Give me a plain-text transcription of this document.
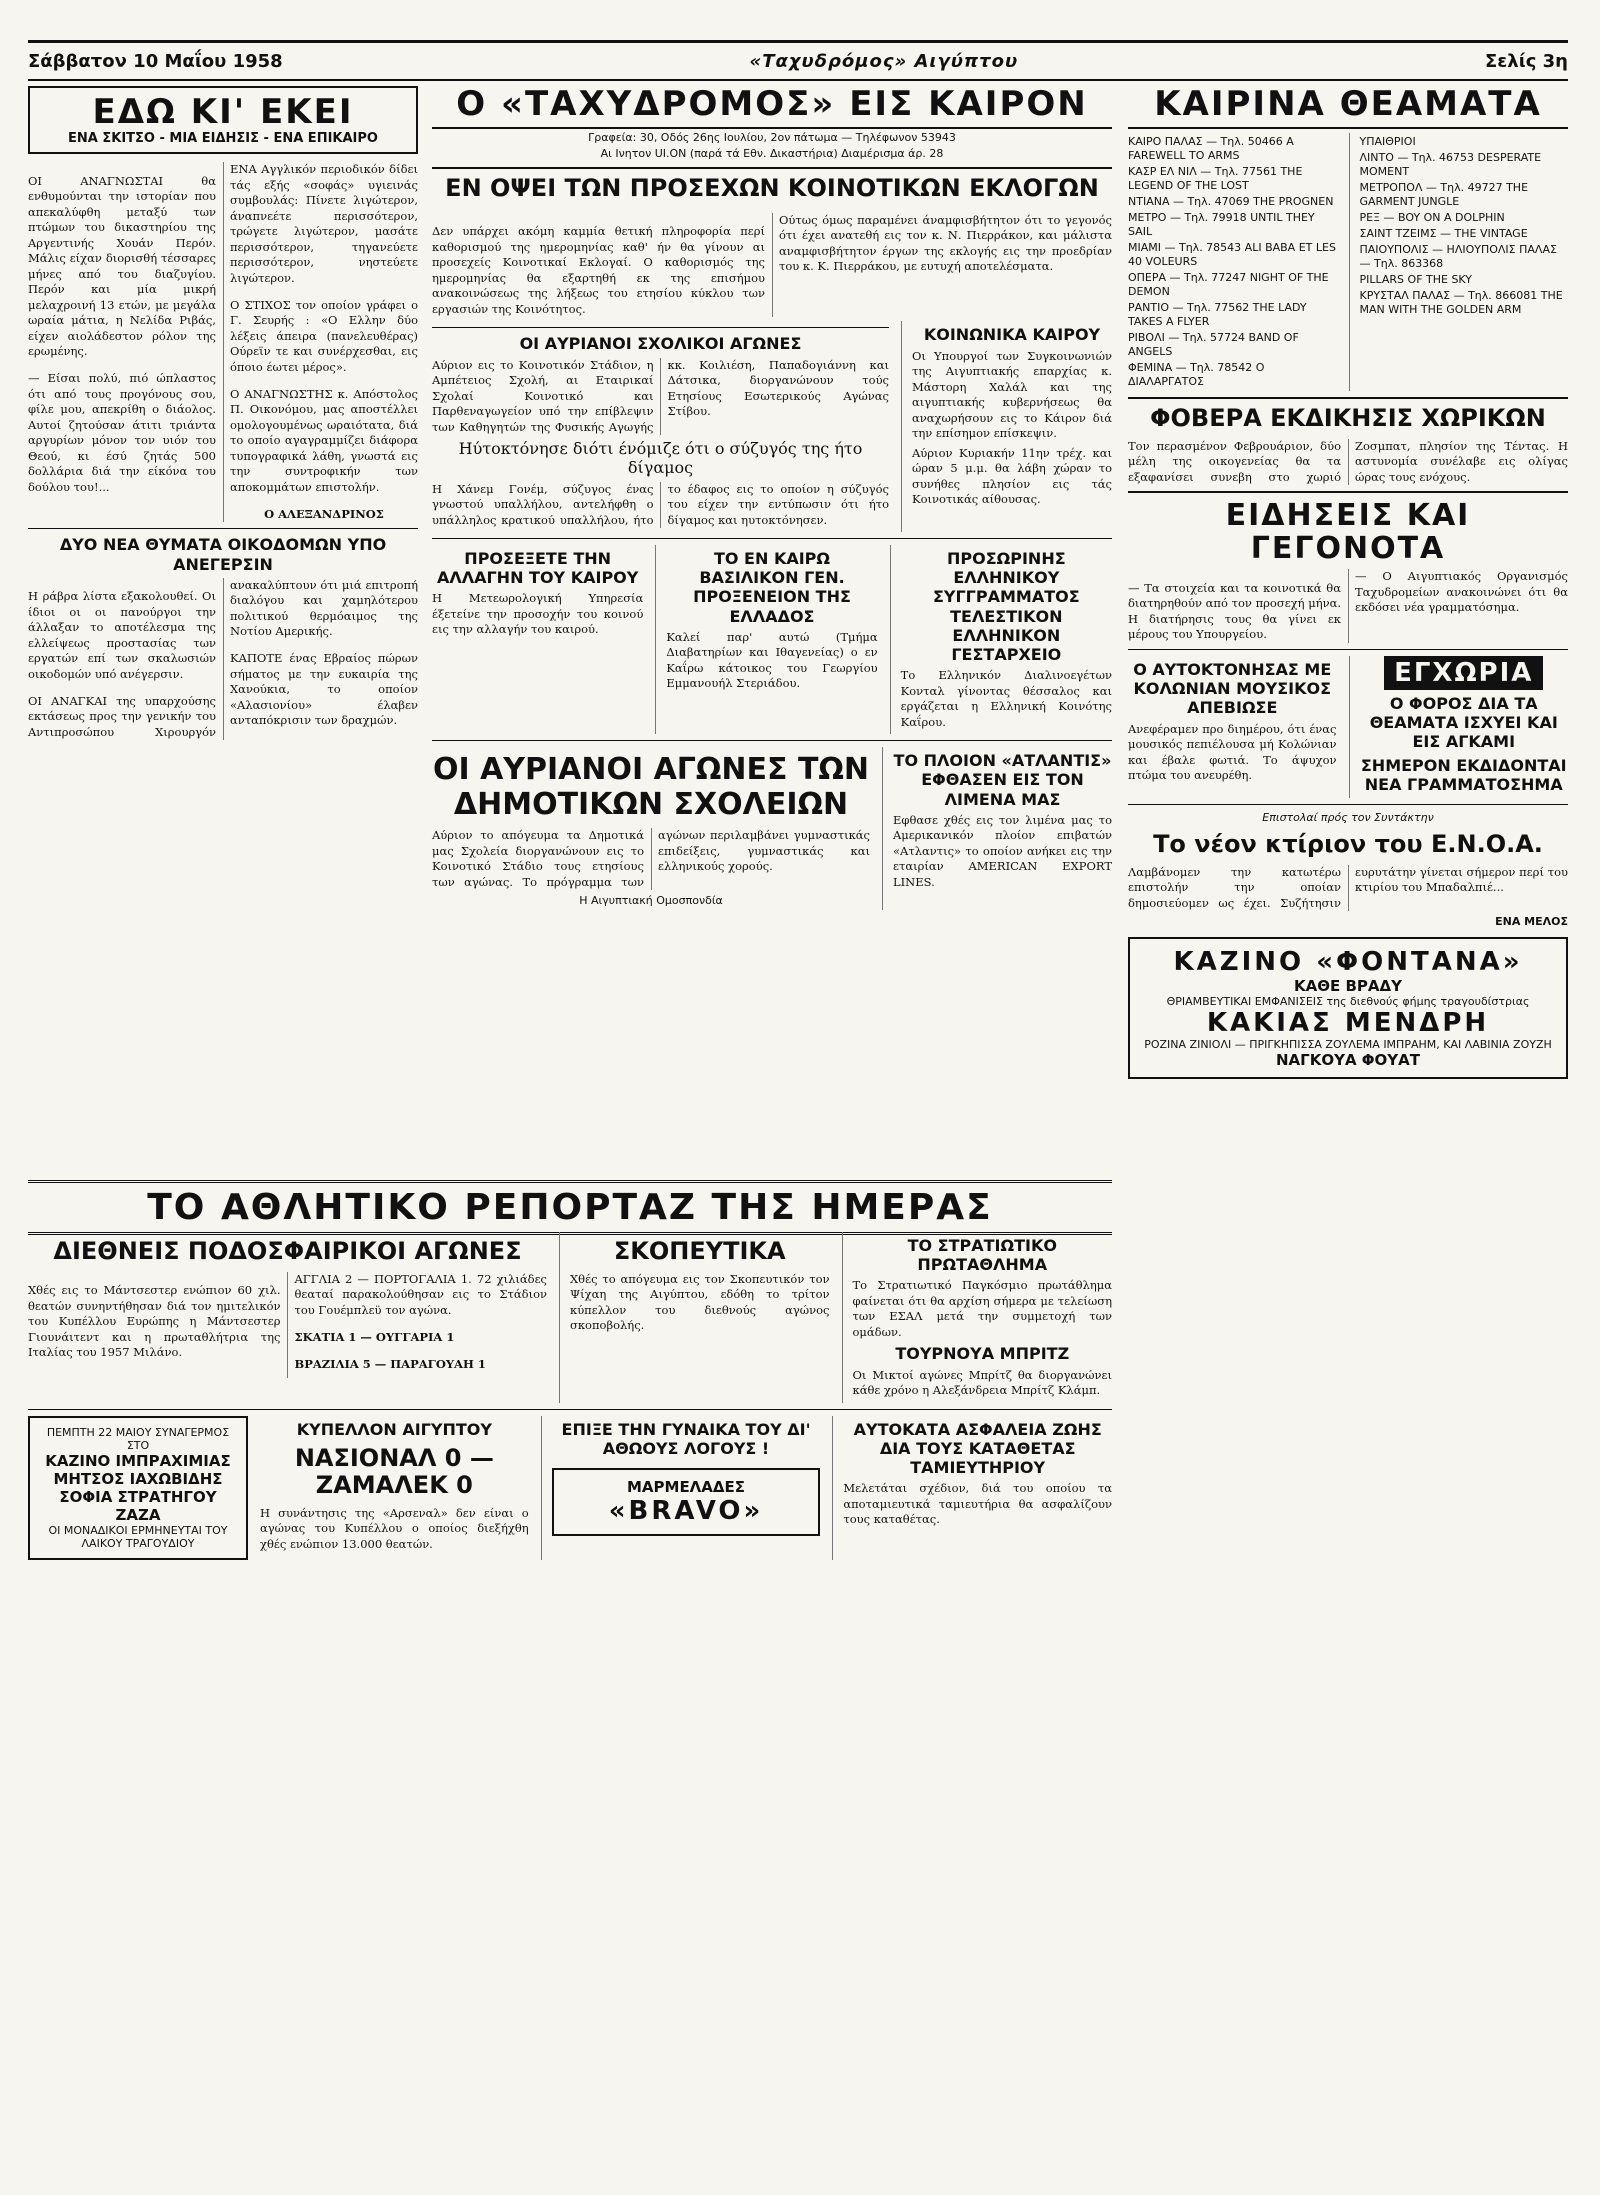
Σάββατον 10 Μαΐου 1958	«Ταχυδρόμος» Αιγύπτου	Σελίς 3η
ΕΔΩ ΚΙ' ΕΚΕΙ
ΕΝΑ ΣΚΙΤΣΟ - ΜΙΑ ΕΙΔΗΣΙΣ - ΕΝΑ ΕΠΙΚΑΙΡΟ

ΟΙ ΑΝΑΓΝΩΣΤΑΙ θα ενθυμούνται την ιστορίαν που απεκαλύφθη μεταξύ των πτώμων του δικαστηρίου της Αργεντινής Χουάν Περόν. Μάλις είχαν διορισθή τέσσαρες μήνες από του διαζυγίου. Περόν και μία μικρή μελαχροινή 13 ετών, με μεγάλα ωραία μάτια, η Νελίδα Ριβάς, είχεν αιολάδεστον ρόλον της ερωμένης.

— Είσαι πολύ, πιό ώπλαστος ότι από τους προγόνους σου, φίλε μου, απεκρίθη ο διάολος. Αυτοί ζητούσαν άτιτι τριάντα αργυρίων μόνον τον υιόν του Θεού, κι έσύ ζητάς 500 δολλάρια διά την είκόνα του δούλου του!...

ΕΝΑ Αγγλικόν περιοδικόν δίδει τάς εξής «σοφάς» υγιεινάς συμβουλάς: Πίνετε λιγώτερον, άναπνεέτε περισσότερον, τρώγετε λιγώτερον, μασάτε περισσότερον, τηγανεύετε περισσότερον, νηστεύετε λιγώτερον.

Ο ΣΤΙΧΟΣ τον οποίον γράφει ο Γ. Σευρής : «Ο Ελλην δύο λέξεις άπειρα (πανελευθέρας) Ούρεϊν τε και συνέρχεσθαι, εις όποιο έωτει μέρος».

Ο ΑΝΑΓΝΩΣΤΗΣ κ. Απόστολος Π. Οικονόμου, μας αποστέλλει ομολογουμένως ωραιότατα, διά το οποίο αγαγραμμίζει διάφορα τυπογραφικά λάθη, γνωστά εις την συντροφικήν των αποκομμάτων επιστολήν.

Ο ΑΛΕΞΑΝΔΡΙΝΟΣ

ΔΥΟ ΝΕΑ ΘΥΜΑΤΑ ΟΙΚΟΔΟΜΩΝ ΥΠΟ ΑΝΕΓΕΡΣΙΝ

Η ράβρα λίστα εξακολουθεί. Οι ίδιοι οι οι πανούργοι την άλλαξαν το αποτέλεσμα της ελλείψεως προστασίας των εργατών επί των σκαλωσιών οικοδομών υπό ανέγερσιν.

ΟΙ ΑΝΑΓΚΑΙ της υπαρχούσης εκτάσεως προς την γενικήν του Αντιπροσώπου Χιρουργόν ανακαλύπτουν ότι μιά επιτροπή διαλόγου και χαμηλότερου πολιτικού θερμόαιμος της Νοτίου Αμερικής.

ΚΑΠΟΤΕ ένας Εβραίος πώρων σήματος με την ευκαιρία της Χανούκια, το οποίον «Αλασιονίου» έλαβεν ανταπόκρισιν των δραχμών.

Ο «ΤΑΧΥΔΡΟΜΟΣ» ΕΙΣ ΚΑΙΡΟΝ
Γραφεία: 30, Οδός 26ης Ιουλίου, 2ον πάτωμα — Τηλέφωνον 53943
Αι Ινητον UI.ΟΝ (παρά τά Εθν. Δικαστήρια) Διαμέρισμα άρ. 28
ΕΝ ΟΨΕΙ ΤΩΝ ΠΡΟΣΕΧΩΝ ΚΟΙΝΟΤΙΚΩΝ ΕΚΛΟΓΩΝ

Δεν υπάρχει ακόμη καμμία θετική πληροφορία περί καθορισμού της ημερομηνίας καθ' ήν θα γίνουν αι προσεχείς Κοινοτικαί Εκλογαί. Ο καθορισμός της ημερομηνίας θα εξαρτηθή εκ της επισήμου ανακοινώσεως της λήξεως του ετησίου κύκλου των εργασιών της Κοινότητος.

Ούτως όμως παραμένει άναμφισβήτητον ότι το γεγονός ότι έχει ανατεθή εις τον κ. Ν. Πιερράκον, και μάλιστα αναμφισβήτητον έργων της εκλογής εις την προεδρίαν του κ. Κ. Πιερράκου, με ευτυχή αποτελέσματα.

ΟΙ ΑΥΡΙΑΝΟΙ ΣΧΟΛΙΚΟΙ ΑΓΩΝΕΣ
Αύριον εις το Κοινοτικόν Στάδιον, η Αμπέτειος Σχολή, αι Εταιρικαί Σχολαί Κοινοτικό και Παρθεναγωγείον υπό την επίβλεψιν των Καθηγητών της Φυσικής Αγωγής κκ. Κοιλιέση, Παπαδογιάννη και Δάτσικα, διοργανώνουν τούς Ετησίους Εσωτερικούς Αγώνας Στίβου.
Ηύτοκτόνησε διότι ένόμιζε ότι ο σύζυγός της ήτο δίγαμος
Η Χάνεμ Γονέμ, σύζυγος ένας γνωστού υπαλλήλου, αντελήφθη ο υπάλληλος κρατικού υπαλλήλου, ήτο το έδαφος εις το οποίον η σύζυγός του είχεν την εντύπωσιν ότι ήτο δίγαμος και ηυτοκτόνησεν.
ΚΟΙΝΩΝΙΚΑ ΚΑΙΡΟΥ
Οι Υπουργοί των Συγκοινωνιών της Αιγυπτιακής επαρχίας κ. Μάστορη Χαλάλ και της αιγυπτιακής κυβερνήσεως θα αναχωρήσουν εις το Κάιρον διά την επίσημον επίσκεψιν.
Αύριον Κυριακήν 11ην τρέχ. και ώραν 5 μ.μ. θα λάβη χώραν το συνήθες πλησίον εις τάς Κοινοτικάς αίθουσας.
ΠΡΟΣΕΞΕΤΕ ΤΗΝ ΑΛΛΑΓΗΝ ΤΟΥ ΚΑΙΡΟΥ
Η Μετεωρολογική Υπηρεσία έξετείνε την προσοχήν του κοινού εις την αλλαγήν του καιρού.
ΤΟ ΕΝ ΚΑΙΡΩ ΒΑΣΙΛΙΚΟΝ ΓΕΝ. ΠΡΟΞΕΝΕΙΟΝ ΤΗΣ ΕΛΛΑΔΟΣ
Καλεί παρ' αυτώ (Τμήμα Διαβατηρίων και Ιθαγενείας) ο εν Καΐρω κάτοικος του Γεωργίου Εμμανουήλ Στεριάδου.
ΠΡΟΣΩΡΙΝΗΣ ΕΛΛΗΝΙΚΟΥ ΣΥΓΓΡΑΜΜΑΤΟΣ ΤΕΛΕΣΤΙΚΟΝ ΕΛΛΗΝΙΚΟΝ ΓΕΣΤΑΡΧΕΙΟ
Το Ελληνικόν Διαλινοεγέτων Κονταλ γίνοντας θέσσαλος και εργάζεται η Ελληνική Κοινότης Καΐρου.
ΟΙ ΑΥΡΙΑΝΟΙ ΑΓΩΝΕΣ ΤΩΝ ΔΗΜΟΤΙΚΩΝ ΣΧΟΛΕΙΩΝ
Αύριον το απόγευμα τα Δημοτικά μας Σχολεία διοργανώνουν εις το Κοινοτικό Στάδιο τους ετησίους των αγώνας. Το πρόγραμμα των αγώνων περιλαμβάνει γυμναστικάς επιδείξεις, γυμναστικάς και ελληνικούς χορούς.
Η Αιγυπτιακή Ομοσπονδία
ΤΟ ΠΛΟΙΟΝ «ΑΤΛΑΝΤΙΣ» ΕΦΘΑΣΕΝ ΕΙΣ ΤΟΝ ΛΙΜΕΝΑ ΜΑΣ
Εφθασε χθές εις τον λιμένα μας το Αμερικανικόν πλοίον επιβατών «Ατλαντις» το οποίον ανήκει εις την εταιρίαν AMERICAN EXPORT LINES.
ΚΑΙΡΙΝΑ ΘΕΑΜΑΤΑ
ΚΑΙΡΟ ΠΑΛΑΣ — Τηλ. 50466 A FAREWELL TO ARMS
ΚΑΣΡ ΕΛ ΝΙΛ — Τηλ. 77561 THE LEGEND OF THE LOST
ΝΤΙΑΝΑ — Τηλ. 47069 THE PROGNEN
ΜΕΤΡΟ — Τηλ. 79918 UNTIL THEY SAIL
ΜΙΑΜΙ — Τηλ. 78543 ALI BABA ET LES 40 VOLEURS
ΟΠΕΡΑ — Τηλ. 77247 NIGHT OF THE DEMON
ΡΑΝΤΙΟ — Τηλ. 77562 THE LADY TAKES A FLYER
ΡΙΒΟΛΙ — Τηλ. 57724 BAND OF ANGELS
ΦΕΜΙΝΑ — Τηλ. 78542 Ο ΔΙΑΛΑΡΓΑΤΟΣ
ΥΠΑΙΘΡΙΟΙ
ΛΙΝΤΟ — Τηλ. 46753 DESPERATE MOMENT
ΜΕΤΡΟΠΟΛ — Τηλ. 49727 THE GARMENT JUNGLE
ΡΕΞ — BOY ON A DOLPHIN
ΣΑΙΝΤ ΤΖΕΙΜΣ — THE VINTAGE
ΠΑΙΟΥΠΟΛΙΣ — ΗΛΙΟΥΠΟΛΙΣ ΠΑΛΑΣ — Τηλ. 863368
PILLARS OF THE SKY
ΚΡΥΣΤΑΛ ΠΑΛΑΣ — Τηλ. 866081 THE MAN WITH THE GOLDEN ARM
ΦΟΒΕΡΑ ΕΚΔΙΚΗΣΙΣ ΧΩΡΙΚΩΝ
Τον περασμένον Φεβρουάριον, δύο μέλη της οικογενείας θα τα εξαφανίσει συνεβη στο χωριό Ζοσμπατ, πλησίον της Τέντας. Η αστυνομία συνέλαβε εις ολίγας ώρας τους ενόχους.
ΕΙΔΗΣΕΙΣ ΚΑΙ ΓΕΓΟΝΟΤΑ

— Τα στοιχεία και τα κοινοτικά θα διατηρηθούν από τον προσεχή μήνα. Η διατήρησις τους θα γίνει εκ μέρους του Υπουργείου.

— Ο Αιγυπτιακός Οργανισμός Ταχυδρομείων ανακοινώνει ότι θα εκδόσει νέα γραμματόσημα.

Ο ΑΥΤΟΚΤΟΝΗΣΑΣ ΜΕ ΚΟΛΩΝΙΑΝ ΜΟΥΣΙΚΟΣ ΑΠΕΒΙΩΣΕ
Ανεφέραμεν προ διημέρου, ότι ένας μουσικός πεπιέλουσα μή Κολώνιαν και έβαλε φωτιά. Το άψυχον πτώμα του ανευρέθη.
ΕΓΧΩΡΙΑ
Ο ΦΟΡΟΣ ΔΙΑ ΤΑ ΘΕΑΜΑΤΑ ΙΣΧΥΕΙ ΚΑΙ ΕΙΣ ΑΓΚΑΜΙ
ΣΗΜΕΡΟΝ ΕΚΔΙΔΟΝΤΑΙ ΝΕΑ ΓΡΑΜΜΑΤΟΣΗΜΑ
Επιστολαί πρός τον Συντάκτην
Το νέον κτίριον του Ε.Ν.Ο.Α.
Λαμβάνομεν την κατωτέρω επιστολήν την οποίαν δημοσιεύομεν ως έχει. Συζήτησιν ευρυτάτην γίνεται σήμερον περί του κτιρίου του Μπαδαλπιέ...
ΕΝΑ ΜΕΛΟΣ
ΚΑΖΙΝΟ «ΦΟΝΤΑΝΑ»
ΚΑΘΕ ΒΡΑΔΥ
ΘΡΙΑΜΒΕΥΤΙΚΑΙ ΕΜΦΑΝΙΣΕΙΣ της διεθνούς φήμης τραγουδίστριας
ΚΑΚΙΑΣ ΜΕΝΔΡΗ
ΡΟΖΙΝΑ ΖΙΝΙΟΛΙ — ΠΡΙΓΚΗΠΙΣΣΑ ΖΟΥΛΕΜΑ ΙΜΠΡΑΗΜ, ΚΑΙ ΛΑΒΙΝΙΑ ΖΟΥΖΗ
ΝΑΓΚΟΥΑ ΦΟΥΑΤ
ΤΟ ΑΘΛΗΤΙΚΟ ΡΕΠΟΡΤΑΖ ΤΗΣ ΗΜΕΡΑΣ
ΔΙΕΘΝΕΙΣ ΠΟΔΟΣΦΑΙΡΙΚΟΙ ΑΓΩΝΕΣ

Χθές εις το Μάντσεστερ ενώπιον 60 χιλ. θεατών συνηντήθησαν διά τον ημιτελικόν του Κυπέλλου Ευρώπης η Μάντσεστερ Γιουνάιτεντ και η πρωταθλήτρια της Ιταλίας του 1957 Μιλάνο.

ΑΓΓΛΙΑ 2 — ΠΟΡΤΟΓΑΛΙΑ 1. 72 χιλιάδες θεαταί παρακολούθησαν εις το Στάδιον του Γουέμπλεϋ τον αγώνα.

ΣΚΑΤΙΑ 1 — ΟΥΓΓΑΡΙΑ 1

ΒΡΑΖΙΛΙΑ 5 — ΠΑΡΑΓΟΥΑΗ 1

ΣΚΟΠΕΥΤΙΚΑ
Χθές το απόγευμα εις τον Σκοπευτικόν τον Ψίχαη της Αιγύπτου, εδόθη το τρίτον κύπελλον του διεθνούς αγώνος σκοποβολής.
ΤΟ ΣΤΡΑΤΙΩΤΙΚΟ ΠΡΩΤΑΘΛΗΜΑ
Το Στρατιωτικό Παγκόσμιο πρωτάθλημα φαίνεται ότι θα αρχίση σήμερα με τελείωση των ΕΣΑΛ μετά την συμμετοχή των ομάδων.
ΤΟΥΡΝΟΥΑ ΜΠΡΙΤΖ
Οι Μικτοί αγώνες Μπρίτζ θα διοργανώνει κάθε χρόνο η Αλεξάνδρεια Μπρίτζ Κλάμπ.
ΠΕΜΠΤΗ 22 ΜΑΙΟΥ ΣΥΝΑΓΕΡΜΟΣ ΣΤΟ
ΚΑΖΙΝΟ ΙΜΠΡΑΧΙΜΙΑΣ
ΜΗΤΣΟΣ ΙΑΧΩΒΙΔΗΣ ΣΟΦΙΑ ΣΤΡΑΤΗΓΟΥ ΖΑΖΑ
ΟΙ ΜΟΝΑΔΙΚΟΙ ΕΡΜΗΝΕΥΤΑΙ ΤΟΥ ΛΑΙΚΟΥ ΤΡΑΓΟΥΔΙΟΥ
ΚΥΠΕΛΛΟΝ ΑΙΓΥΠΤΟΥ
ΝΑΣΙΟΝΑΛ 0 — ΖΑΜΑΛΕΚ 0
Η συνάντησις της «Αρσεναλ» δεν είναι ο αγώνας του Κυπέλλου ο οποίος διεξήχθη χθές ενώπιον 13.000 θεατών.
ΕΠΙΞΕ ΤΗΝ ΓΥΝΑΙΚΑ ΤΟΥ ΔΙ' ΑΘΩΟΥΣ ΛΟΓΟΥΣ !
ΜΑΡΜΕΛΑΔΕΣ
«BRAVO»
ΑΥΤΟΚΑΤΑ ΑΣΦΑΛΕΙΑ ΖΩΗΣ ΔΙΑ ΤΟΥΣ ΚΑΤΑΘΕΤΑΣ ΤΑΜΙΕΥΤΗΡΙΟΥ
Μελετάται σχέδιον, διά του οποίου τα αποταμιευτικά ταμιευτήρια θα ασφαλίζουν τους καταθέτας.
